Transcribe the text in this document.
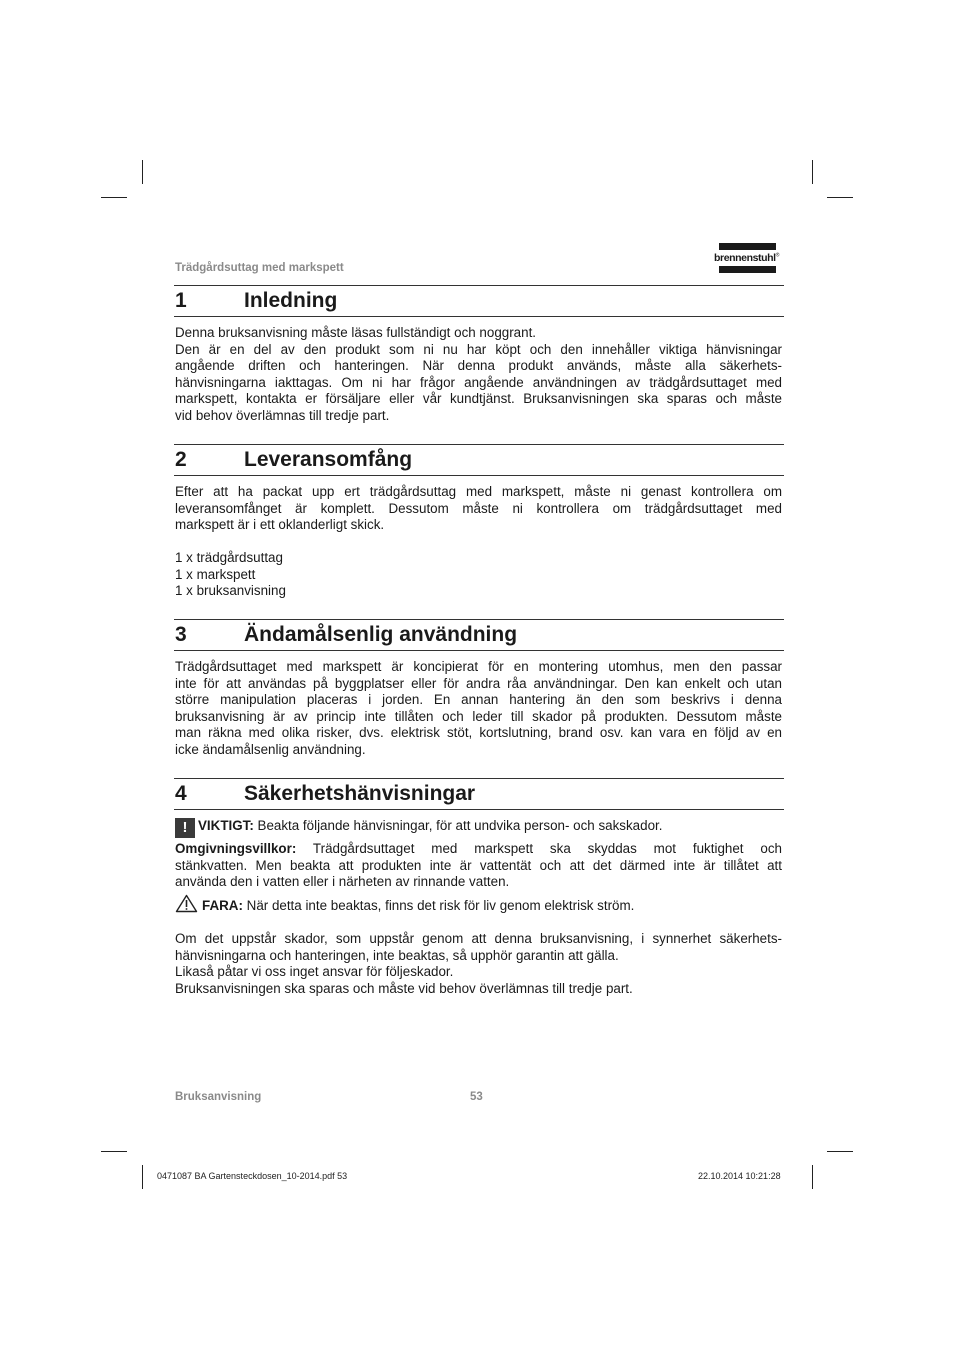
Trädgårdsuttag med markspett
brennenstuhl®
1	Inledning
Denna bruksanvisning måste läsas fullständigt och noggrant.
Den är en del av den produkt som ni nu har köpt och den innehåller viktiga hänvisningar
angående driften och hanteringen. När denna produkt används, måste alla säkerhets-
hänvisningarna iakttagas. Om ni har frågor angående användningen av trädgårdsuttaget med
markspett, kontakta er försäljare eller vår kundtjänst. Bruksanvisningen ska sparas och måste
vid behov överlämnas till tredje part.
2	Leveransomfång
Efter att ha packat upp ert trädgårdsuttag med markspett, måste ni genast kontrollera om
leveransomfånget är komplett. Dessutom måste ni kontrollera om trädgårdsuttaget med
markspett är i ett oklanderligt skick.
1 x trädgårdsuttag
1 x markspett
1 x bruksanvisning
3	Ändamålsenlig användning
Trädgårdsuttaget med markspett är koncipierat för en montering utomhus, men den passar
inte för att användas på byggplatser eller för andra råa användningar. Den kan enkelt och utan
större manipulation placeras i jorden. En annan hantering än den som beskrivs i denna
bruksanvisning är av princip inte tillåten och leder till skador på produkten. Dessutom måste
man räkna med olika risker, dvs. elektrisk stöt, kortslutning, brand osv. kan vara en följd av en
icke ändamålsenlig användning.
4	Säkerhetshänvisningar
! VIKTIGT: Beakta följande hänvisningar, för att undvika person- och sakskador.
Omgivningsvillkor: Trädgårdsuttaget med markspett ska skyddas mot fuktighet och
stänkvatten. Men beakta att produkten inte är vattentät och att det därmed inte är tillåtet att
använda den i vatten eller i närheten av rinnande vatten.
FARA: När detta inte beaktas, finns det risk för liv genom elektrisk ström.
Om det uppstår skador, som uppstår genom att denna bruksanvisning, i synnerhet säkerhets-
hänvisningarna och hanteringen, inte beaktas, så upphör garantin att gälla.
Likaså påtar vi oss inget ansvar för följeskador.
Bruksanvisningen ska sparas och måste vid behov överlämnas till tredje part.
Bruksanvisning	53
0471087 BA Gartensteckdosen_10-2014.pdf 53	22.10.2014 10:21:28
